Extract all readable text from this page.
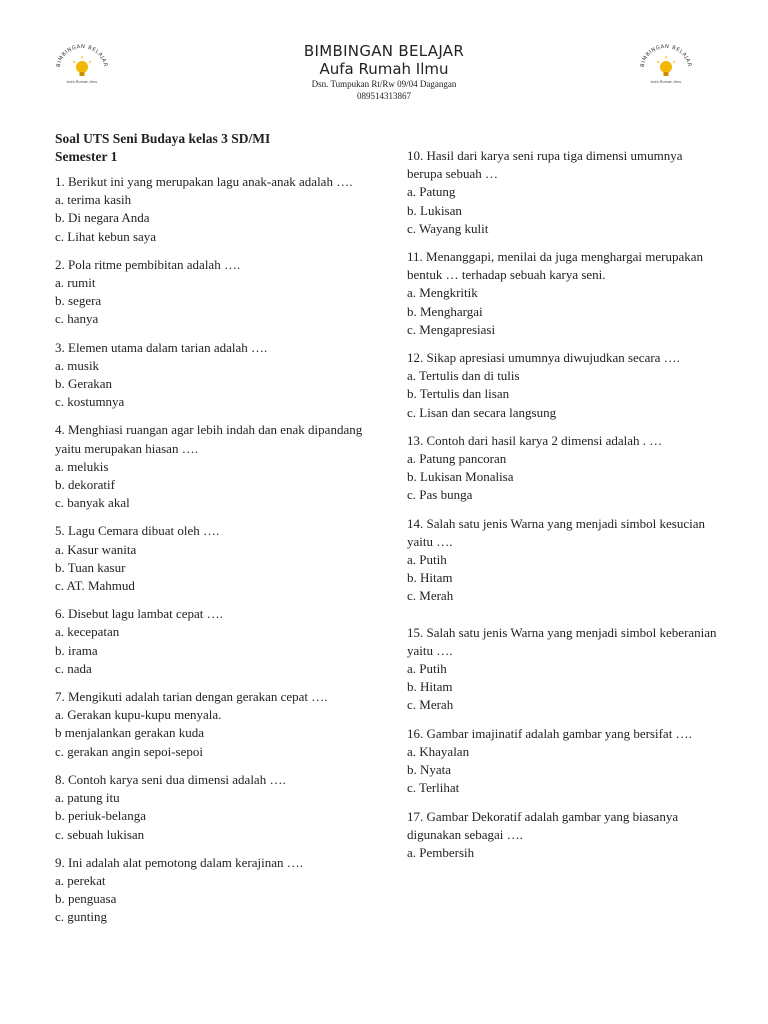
BIMBINGAN BELAJAR
Aufa Rumah Ilmu
BIMBINGAN BELAJAR
Aufa Rumah Ilmu
BIMBINGAN BELAJAR
Aufa Rumah Ilmu
Dsn. Tumpukan Rt/Rw 09/04 Dagangan
089514313867
Soal UTS Seni Budaya kelas 3 SD/MI
Semester 1
1. Berikut ini yang merupakan lagu anak-anak adalah ….
a. terima kasih
b. Di negara Anda
c. Lihat kebun saya
2. Pola ritme pembibitan adalah ….
a. rumit
b. segera
c. hanya
3. Elemen utama dalam tarian adalah ….
a. musik
b. Gerakan
c. kostumnya
4. Menghiasi ruangan agar lebih indah dan enak dipandang yaitu merupakan hiasan ….
a. melukis
b. dekoratif
c. banyak akal
5. Lagu Cemara dibuat oleh ….
a. Kasur wanita
b. Tuan kasur
c. AT. Mahmud
6. Disebut lagu lambat cepat ….
a. kecepatan
b. irama
c. nada
7. Mengikuti adalah tarian dengan gerakan cepat ….
a. Gerakan kupu-kupu menyala.
b menjalankan gerakan kuda
c. gerakan angin sepoi-sepoi
8. Contoh karya seni dua dimensi adalah ….
a. patung itu
b. periuk-belanga
c. sebuah lukisan
9. Ini adalah alat pemotong dalam kerajinan ….
a. perekat
b. penguasa
c. gunting
10. Hasil dari karya seni rupa tiga dimensi umumnya berupa sebuah …
a. Patung
b. Lukisan
c. Wayang kulit
11. Menanggapi, menilai da juga menghargai merupakan bentuk … terhadap sebuah karya seni.
a. Mengkritik
b. Menghargai
c. Mengapresiasi
12. Sikap apresiasi umumnya diwujudkan secara ….
a. Tertulis dan di tulis
b. Tertulis dan lisan
c. Lisan dan secara langsung
13. Contoh dari hasil karya 2 dimensi adalah . …
a. Patung pancoran
b. Lukisan Monalisa
c. Pas bunga
14. Salah satu jenis Warna yang menjadi simbol kesucian yaitu ….
a. Putih
b. Hitam
c. Merah
15. Salah satu jenis Warna yang menjadi simbol keberanian yaitu ….
a. Putih
b. Hitam
c. Merah
16. Gambar imajinatif adalah gambar yang bersifat ….
a. Khayalan
b. Nyata
c. Terlihat
17. Gambar Dekoratif adalah gambar yang biasanya digunakan sebagai ….
a. Pembersih
